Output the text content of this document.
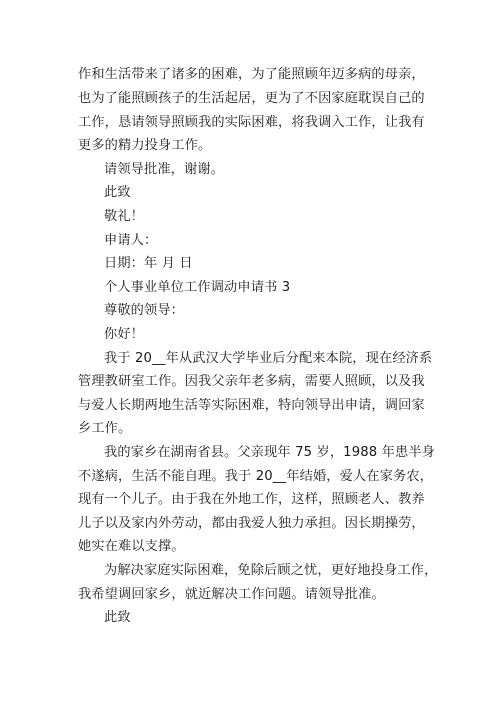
作和生活带来了诸多的困难，为了能照顾年迈多病的母亲，
也为了能照顾孩子的生活起居，更为了不因家庭耽误自己的
工作，恳请领导照顾我的实际困难，将我调入工作，让我有
更多的精力投身工作。
请领导批准，谢谢。
此致
敬礼！
申请人：
日期：年 月 日
个人事业单位工作调动申请书 3
尊敬的领导：
你好！
我于 20__年从武汉大学毕业后分配来本院，现在经济系
管理教研室工作。因我父亲年老多病，需要人照顾，以及我
与爱人长期两地生活等实际困难，特向领导出申请，调回家
乡工作。
我的家乡在湖南省县。父亲现年 75 岁，1988 年患半身
不遂病，生活不能自理。我于 20__年结婚，爱人在家务农，
现有一个儿子。由于我在外地工作，这样，照顾老人、教养
儿子以及家内外劳动，都由我爱人独力承担。因长期操劳，
她实在难以支撑。
为解决家庭实际困难，免除后顾之忧，更好地投身工作，
我希望调回家乡，就近解决工作问题。请领导批准。
此致
